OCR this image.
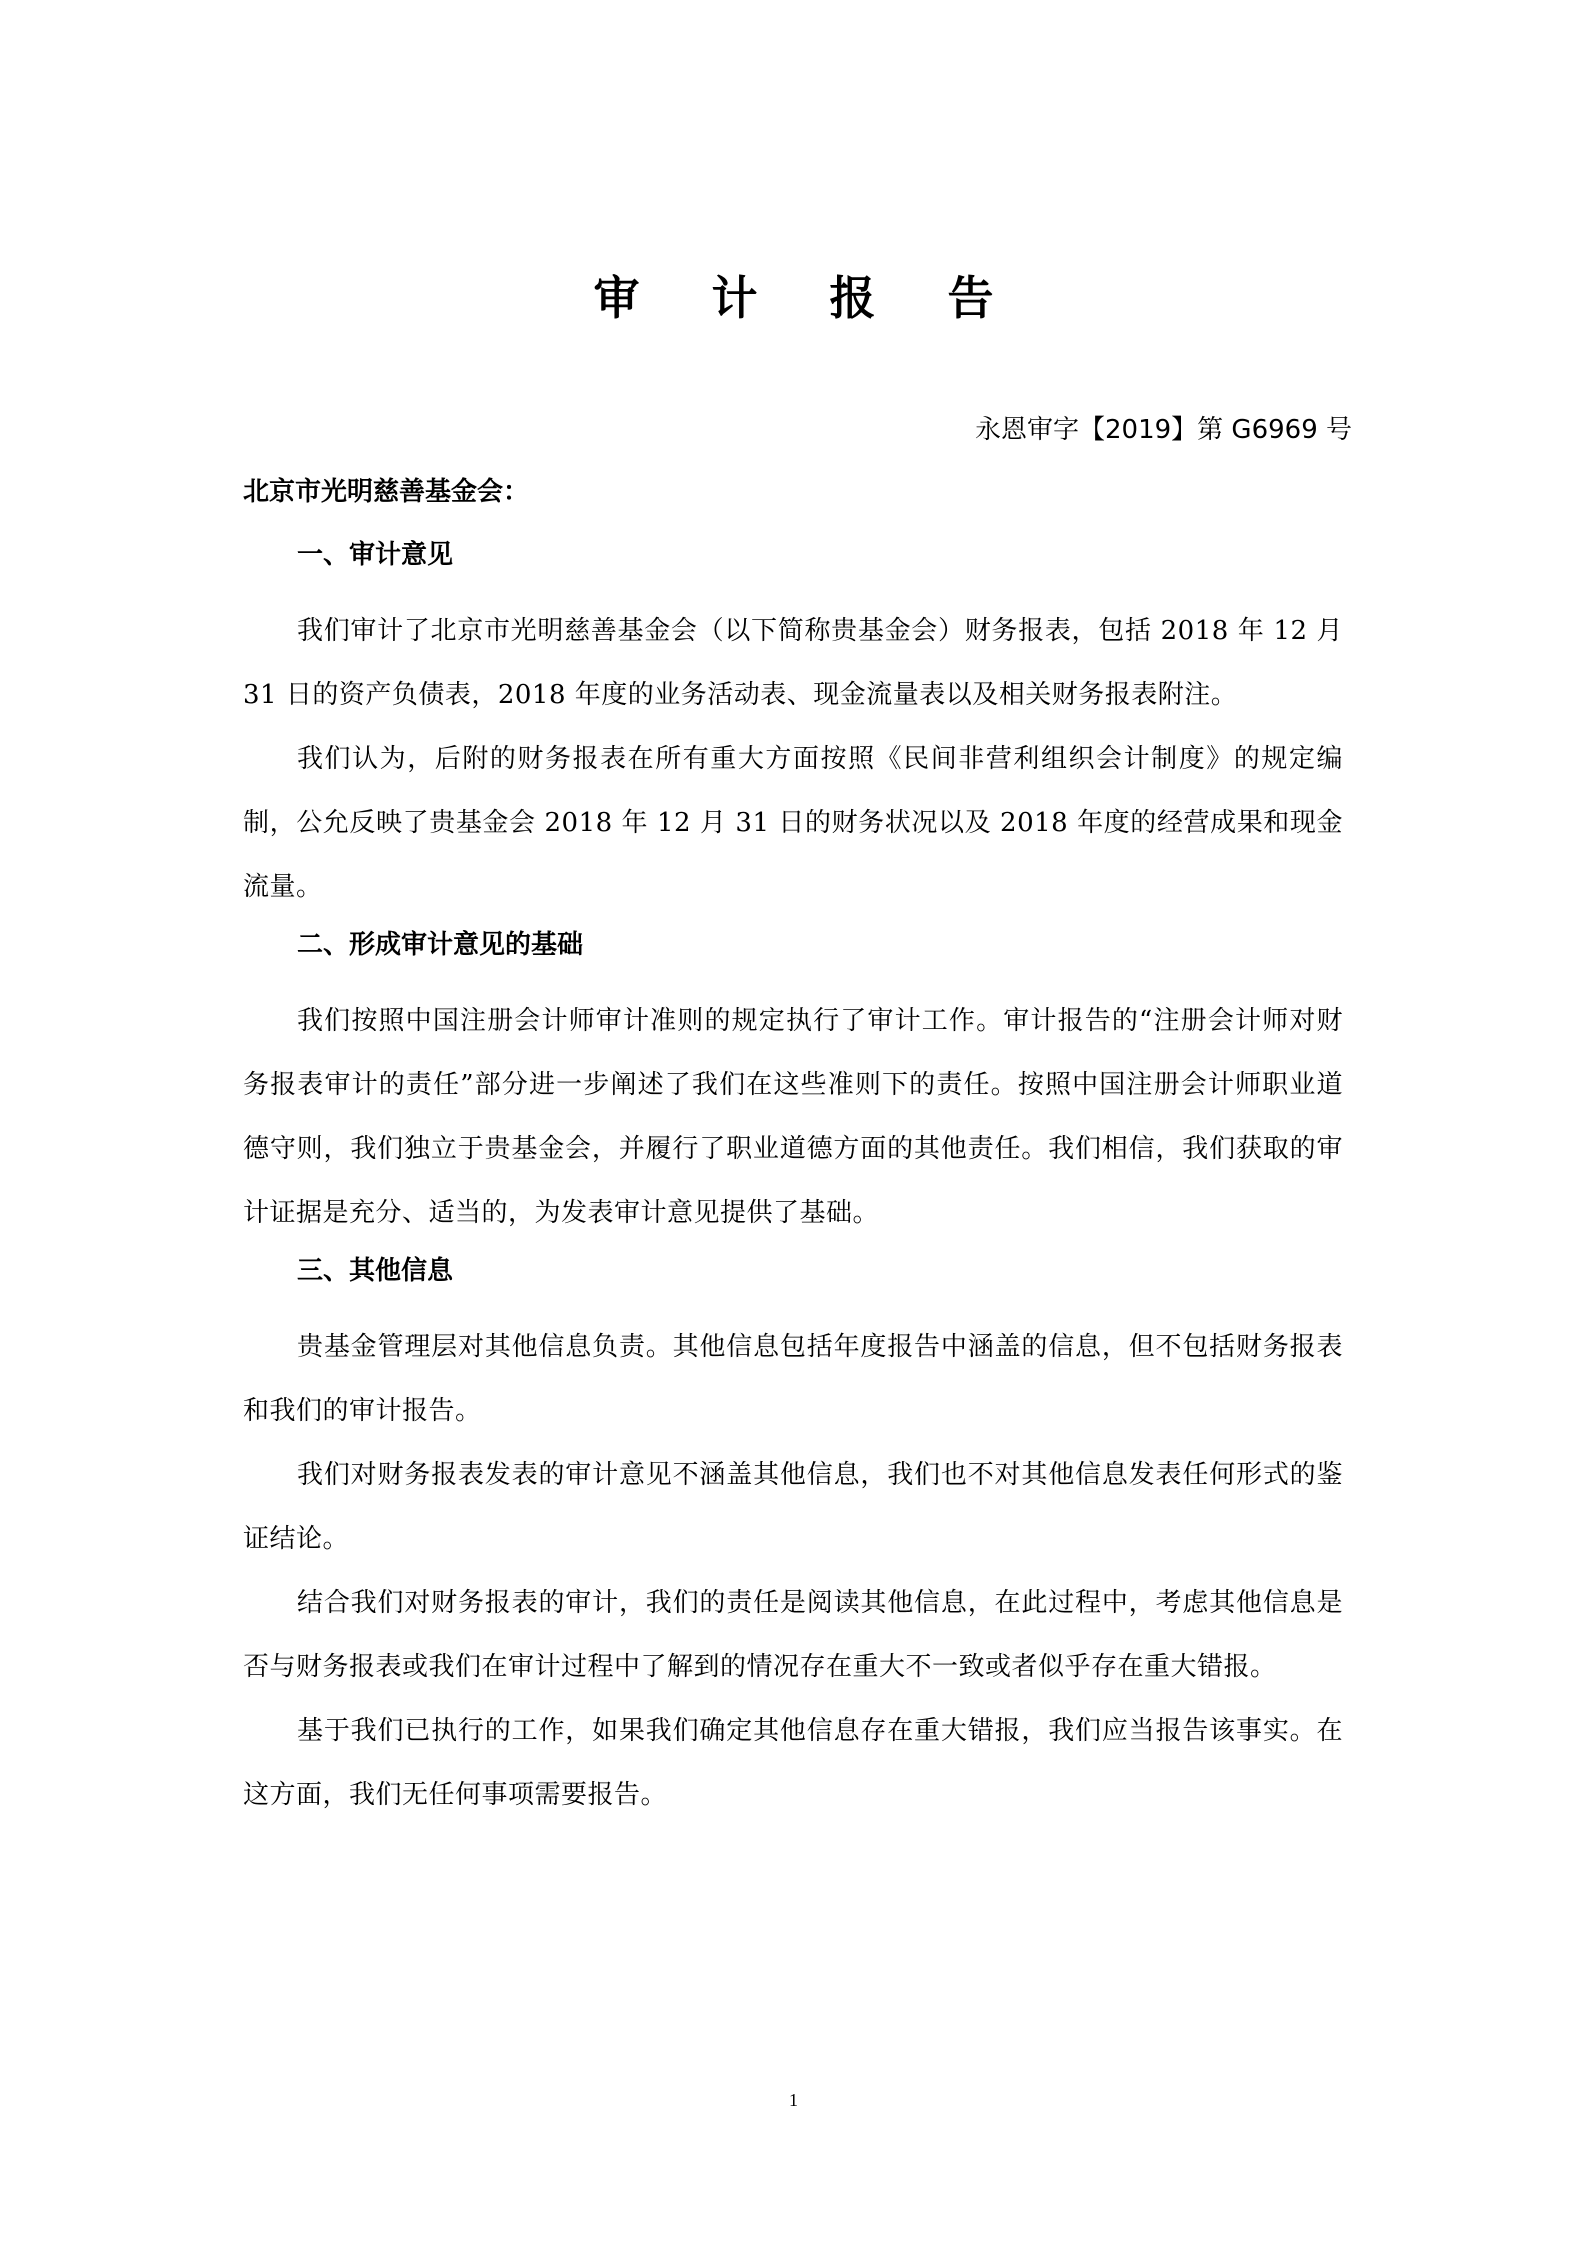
审 计 报 告
永恩审字【2019】第 G6969 号
北京市光明慈善基金会：
一、审计意见

我们审计了北京市光明慈善基金会（以下简称贵基金会）财务报表，包括 2018 年 12 月 31 日的资产负债表，2018 年度的业务活动表、现金流量表以及相关财务报表附注。

我们认为，后附的财务报表在所有重大方面按照《民间非营利组织会计制度》的规定编制，公允反映了贵基金会 2018 年 12 月 31 日的财务状况以及 2018 年度的经营成果和现金流量。

二、形成审计意见的基础

我们按照中国注册会计师审计准则的规定执行了审计工作。审计报告的“注册会计师对财务报表审计的责任”部分进一步阐述了我们在这些准则下的责任。按照中国注册会计师职业道德守则，我们独立于贵基金会，并履行了职业道德方面的其他责任。我们相信，我们获取的审计证据是充分、适当的，为发表审计意见提供了基础。

三、其他信息

贵基金管理层对其他信息负责。其他信息包括年度报告中涵盖的信息，但不包括财务报表和我们的审计报告。

我们对财务报表发表的审计意见不涵盖其他信息，我们也不对其他信息发表任何形式的鉴证结论。

结合我们对财务报表的审计，我们的责任是阅读其他信息，在此过程中，考虑其他信息是否与财务报表或我们在审计过程中了解到的情况存在重大不一致或者似乎存在重大错报。

基于我们已执行的工作，如果我们确定其他信息存在重大错报，我们应当报告该事实。在这方面，我们无任何事项需要报告。

1
